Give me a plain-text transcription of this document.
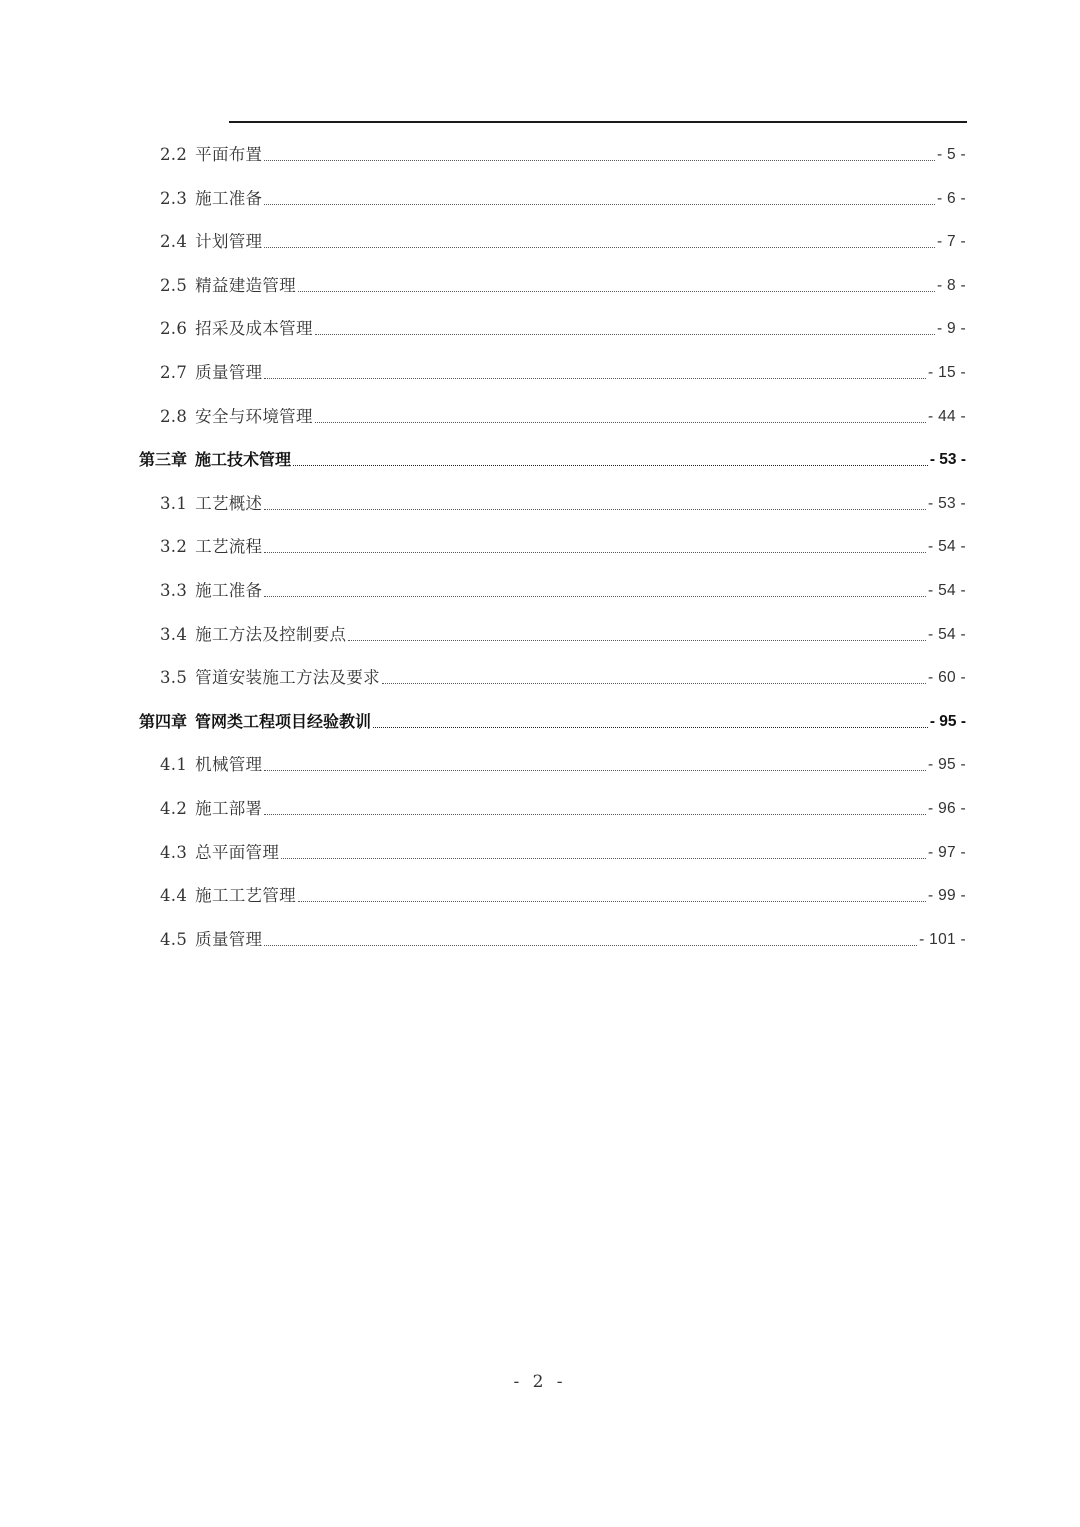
2.2 平面布置	- 5 -
2.3 施工准备	- 6 -
2.4 计划管理	- 7 -
2.5 精益建造管理	- 8 -
2.6 招采及成本管理	- 9 -
2.7 质量管理	- 15 -
2.8 安全与环境管理	- 44 -
第三章 施工技术管理	- 53 -
3.1 工艺概述	- 53 -
3.2 工艺流程	- 54 -
3.3 施工准备	- 54 -
3.4 施工方法及控制要点	- 54 -
3.5 管道安装施工方法及要求	- 60 -
第四章 管网类工程项目经验教训	- 95 -
4.1 机械管理	- 95 -
4.2 施工部署	- 96 -
4.3 总平面管理	- 97 -
4.4 施工工艺管理	- 99 -
4.5 质量管理	- 101 -
- 2 -
